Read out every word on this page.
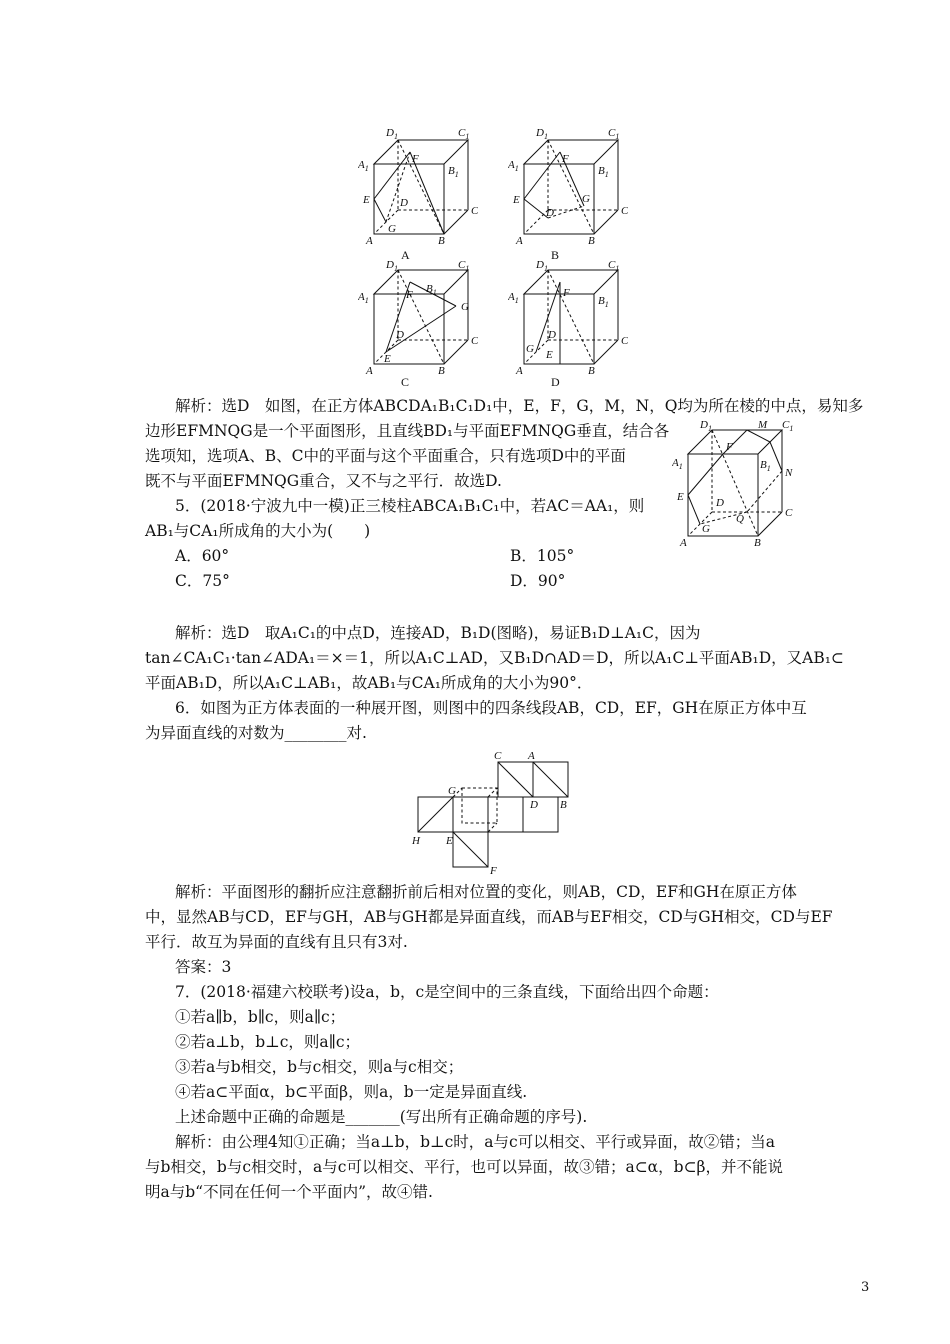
$D_1$	$C_1$
$A_1$	$B_1$
F
E	D
C
G
A	B
A
$D_1$	$C_1$
$A_1$	$B_1$
F
E
D	C
G
A	B
B
$D_1$	$C_1$
$A_1$
$B_1$
F
G
D	C
E
A	B
C
$D_1$	$C_1$
$A_1$	$B_1$
F
D	C
G E
A	B
D
$D_1$	$C_1$
M
$A_1$
F
$B_1$ N
E	D
C
G
Q
A	B
C A
G
D B
H E
F
解析：选D　如图，在正方体ABCDA₁B₁C₁D₁中，E，F，G，M，N，Q均为所在棱的中点，易知多
边形EFMNQG是一个平面图形，且直线BD₁与平面EFMNQG垂直，结合各
选项知，选项A、B、C中的平面与这个平面重合，只有选项D中的平面
既不与平面EFMNQG重合，又不与之平行．故选D.
5．(2018·宁波九中一模)正三棱柱ABCA₁B₁C₁中，若AC＝AA₁，则
AB₁与CA₁所成角的大小为(　　)
A．60°	B．105°
C．75°	D．90°
解析：选D　取A₁C₁的中点D，连接AD，B₁D(图略)，易证B₁D⊥A₁C，因为
tan∠CA₁C₁·tan∠ADA₁＝×＝1，所以A₁C⊥AD，又B₁D∩AD＝D，所以A₁C⊥平面AB₁D，又AB₁⊂
平面AB₁D，所以A₁C⊥AB₁，故AB₁与CA₁所成角的大小为90°．
6．如图为正方体表面的一种展开图，则图中的四条线段AB，CD，EF，GH在原正方体中互
为异面直线的对数为________对.
解析：平面图形的翻折应注意翻折前后相对位置的变化，则AB，CD，EF和GH在原正方体
中，显然AB与CD，EF与GH，AB与GH都是异面直线，而AB与EF相交，CD与GH相交，CD与EF
平行．故互为异面的直线有且只有3对.
答案：3
7．(2018·福建六校联考)设a，b，c是空间中的三条直线，下面给出四个命题：
①若a∥b，b∥c，则a∥c；
②若a⊥b，b⊥c，则a∥c；
③若a与b相交，b与c相交，则a与c相交；
④若a⊂平面α，b⊂平面β，则a，b一定是异面直线.
上述命题中正确的命题是_______(写出所有正确命题的序号).
解析：由公理4知①正确；当a⊥b，b⊥c时，a与c可以相交、平行或异面，故②错；当a
与b相交，b与c相交时，a与c可以相交、平行，也可以异面，故③错；a⊂α，b⊂β，并不能说
明a与b“不同在任何一个平面内”，故④错.
3
